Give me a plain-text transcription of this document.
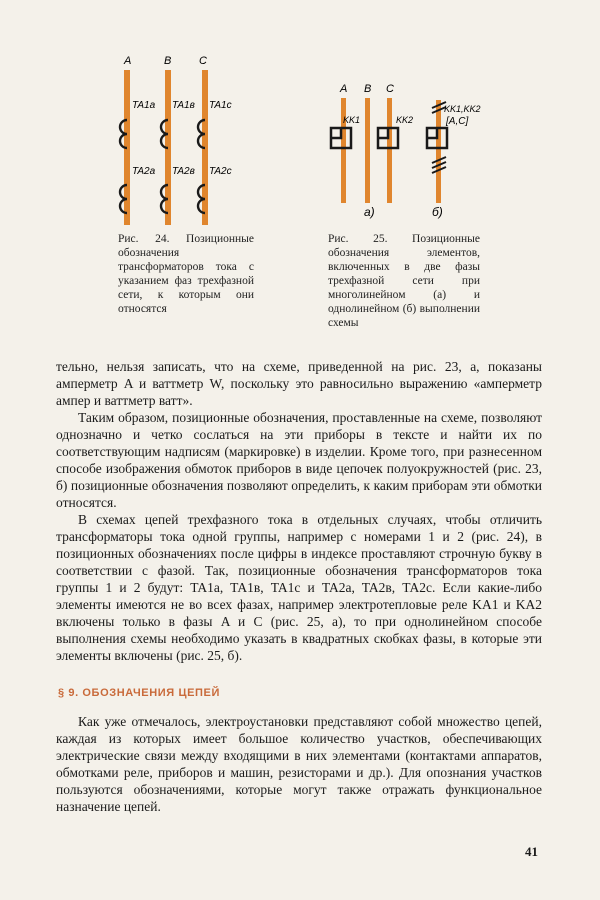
A	B	C
TA1a TA1в TA1c
TA2a TA2в TA2c
Рис. 24. Позиционные обозначения трансформаторов тока с указанием фаз трехфазной сети, к которым они относятся
A B C
KK1	KK2
KK1,KK2
[A,C]
a)	б)
Рис. 25. Позиционные обозначения элементов, включенных в две фазы трехфазной сети при многолинейном (а) и однолинейном (б) выполнении схемы

тельно, нельзя записать, что на схеме, приведенной на рис. 23, а, показаны амперметр A и ваттметр W, поскольку это равносильно выражению «амперметр ампер и ваттметр ватт».

Таким образом, позиционные обозначения, проставленные на схеме, позволяют однозначно и четко сослаться на эти приборы в тексте и найти их по соответствующим надписям (маркировке) в изделии. Кроме того, при разнесенном способе изображения обмоток приборов в виде цепочек полуокружностей (рис. 23, б) позиционные обозначения позволяют определить, к каким приборам эти обмотки относятся.

В схемах цепей трехфазного тока в отдельных случаях, чтобы отличить трансформаторы тока одной группы, например с номерами 1 и 2 (рис. 24), в позиционных обозначениях после цифры в индексе проставляют строчную букву в соответствии с фазой. Так, позиционные обозначения трансформаторов тока группы 1 и 2 будут: TA1a, TA1в, TA1c и TA2a, TA2в, TA2c. Если какие-либо элементы имеются не во всех фазах, например электротепловые реле KA1 и KA2 включены только в фазы A и C (рис. 25, а), то при однолинейном способе выполнения схемы необходимо указать в квадратных скобках фазы, в которые эти элементы включены (рис. 25, б).

§ 9. ОБОЗНАЧЕНИЯ ЦЕПЕЙ

Как уже отмечалось, электроустановки представляют собой множество цепей, каждая из которых имеет большое количество участков, обеспечивающих электрические связи между входящими в них элементами (контактами аппаратов, обмотками реле, приборов и машин, резисторами и др.). Для опознания участков пользуются обозначениями, которые могут также отражать функциональное назначение цепей.

41
